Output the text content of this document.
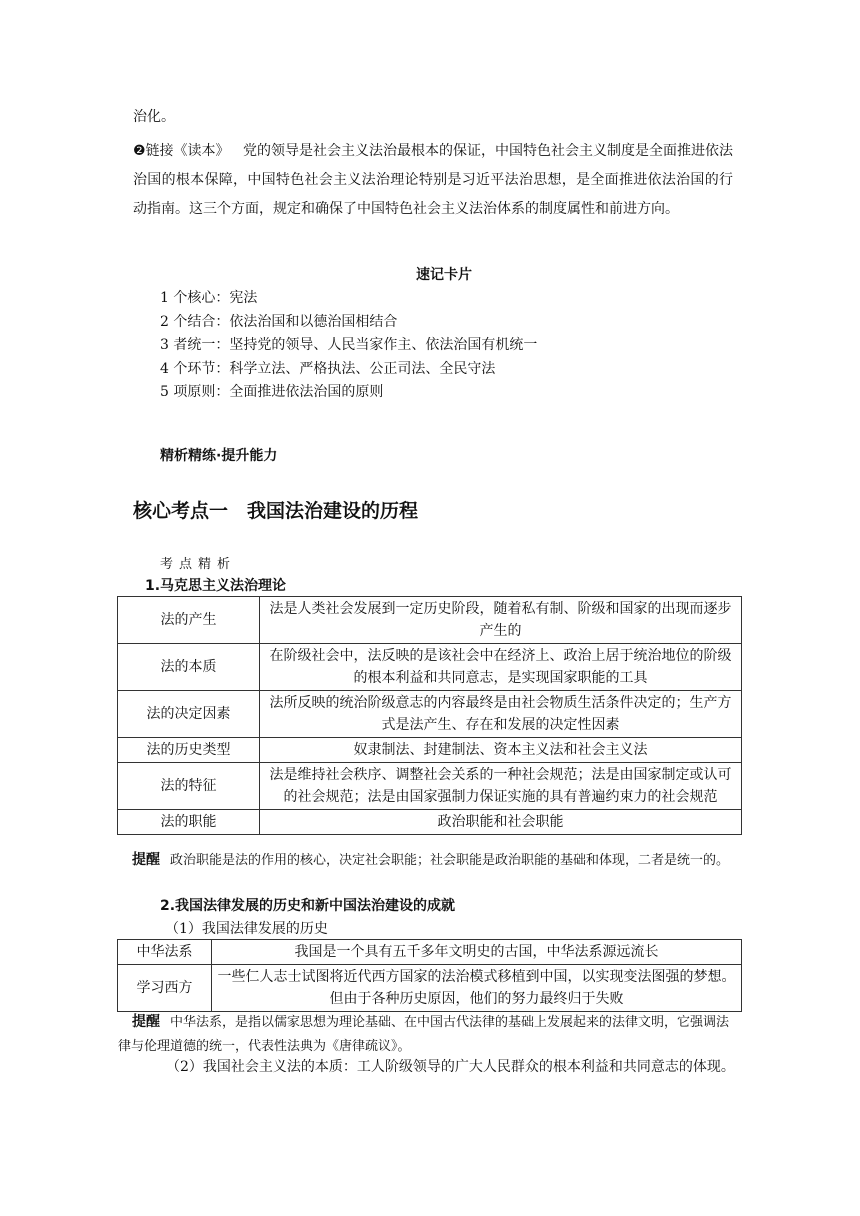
治化。
❷链接《读本》 党的领导是社会主义法治最根本的保证，中国特色社会主义制度是全面推进依法治国的根本保障，中国特色社会主义法治理论特别是习近平法治思想，是全面推进依法治国的行动指南。这三个方面，规定和确保了中国特色社会主义法治体系的制度属性和前进方向。
速记卡片
1 个核心：宪法
2 个结合：依法治国和以德治国相结合
3 者统一：坚持党的领导、人民当家作主、依法治国有机统一
4 个环节：科学立法、严格执法、公正司法、全民守法
5 项原则：全面推进依法治国的原则
精析精练·提升能力
核心考点一　我国法治建设的历程
考点精析
1.马克思主义法治理论
法的产生	法是人类社会发展到一定历史阶段，随着私有制、阶级和国家的出现而逐步产生的
法的本质	在阶级社会中，法反映的是该社会中在经济上、政治上居于统治地位的阶级的根本利益和共同意志，是实现国家职能的工具
法的决定因素	法所反映的统治阶级意志的内容最终是由社会物质生活条件决定的；生产方式是法产生、存在和发展的决定性因素
法的历史类型	奴隶制法、封建制法、资本主义法和社会主义法
法的特征	法是维持社会秩序、调整社会关系的一种社会规范；法是由国家制定或认可的社会规范；法是由国家强制力保证实施的具有普遍约束力的社会规范
法的职能	政治职能和社会职能
提醒 政治职能是法的作用的核心，决定社会职能；社会职能是政治职能的基础和体现，二者是统一的。
2.我国法律发展的历史和新中国法治建设的成就
（1）我国法律发展的历史
中华法系	我国是一个具有五千多年文明史的古国，中华法系源远流长
学习西方	一些仁人志士试图将近代西方国家的法治模式移植到中国，以实现变法图强的梦想。但由于各种历史原因，他们的努力最终归于失败
提醒 中华法系，是指以儒家思想为理论基础、在中国古代法律的基础上发展起来的法律文明，它强调法律与伦理道德的统一，代表性法典为《唐律疏议》。
（2）我国社会主义法的本质：工人阶级领导的广大人民群众的根本利益和共同意志的体现。
